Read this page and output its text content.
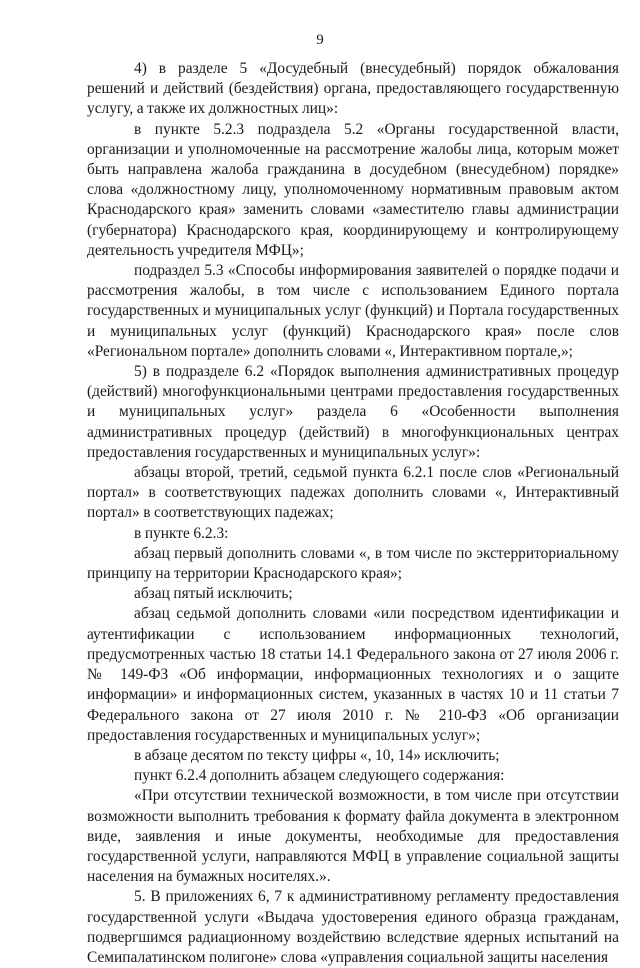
9

4) в разделе 5 «Досудебный (внесудебный) порядок обжалования решений и действий (бездействия) органа, предоставляющего государственную услугу, а также их должностных лиц»:

в пункте 5.2.3 подраздела 5.2 «Органы государственной власти, организации и уполномоченные на рассмотрение жалобы лица, которым может быть направлена жалоба гражданина в досудебном (внесудебном) порядке» слова «должностному лицу, уполномоченному нормативным правовым актом Краснодарского края» заменить словами «заместителю главы администрации (губернатора) Краснодарского края, координирующему и контролирующему деятельность учредителя МФЦ»;

подраздел 5.3 «Способы информирования заявителей о порядке подачи и рассмотрения жалобы, в том числе с использованием Единого портала государственных и муниципальных услуг (функций) и Портала государственных и муниципальных услуг (функций) Краснодарского края» после слов «Региональном портале» дополнить словами «, Интерактивном портале,»;

5) в подразделе 6.2 «Порядок выполнения административных процедур (действий) многофункциональными центрами предоставления государственных и муниципальных услуг» раздела 6 «Особенности выполнения административных процедур (действий) в многофункциональных центрах предоставления государственных и муниципальных услуг»:

абзацы второй, третий, седьмой пункта 6.2.1 после слов «Региональный портал» в соответствующих падежах дополнить словами «, Интерактивный портал» в соответствующих падежах;

в пункте 6.2.3:

абзац первый дополнить словами «, в том числе по экстерриториальному принципу на территории Краснодарского края»;

абзац пятый исключить;

абзац седьмой дополнить словами «или посредством идентификации и аутентификации с использованием информационных технологий, предусмотренных частью 18 статьи 14.1 Федерального закона от 27 июля 2006 г. № 149-ФЗ «Об информации, информационных технологиях и о защите информации» и информационных систем, указанных в частях 10 и 11 статьи 7 Федерального закона от 27 июля 2010 г. № 210-ФЗ «Об организации предоставления государственных и муниципальных услуг»;

в абзаце десятом по тексту цифры «, 10, 14» исключить;

пункт 6.2.4 дополнить абзацем следующего содержания:

«При отсутствии технической возможности, в том числе при отсутствии возможности выполнить требования к формату файла документа в электронном виде, заявления и иные документы, необходимые для предоставления государственной услуги, направляются МФЦ в управление социальной защиты населения на бумажных носителях.».

5. В приложениях 6, 7 к административному регламенту предоставления государственной услуги «Выдача удостоверения единого образца гражданам, подвергшимся радиационному воздействию вследствие ядерных испытаний на Семипалатинском полигоне» слова «управления социальной защиты населения
